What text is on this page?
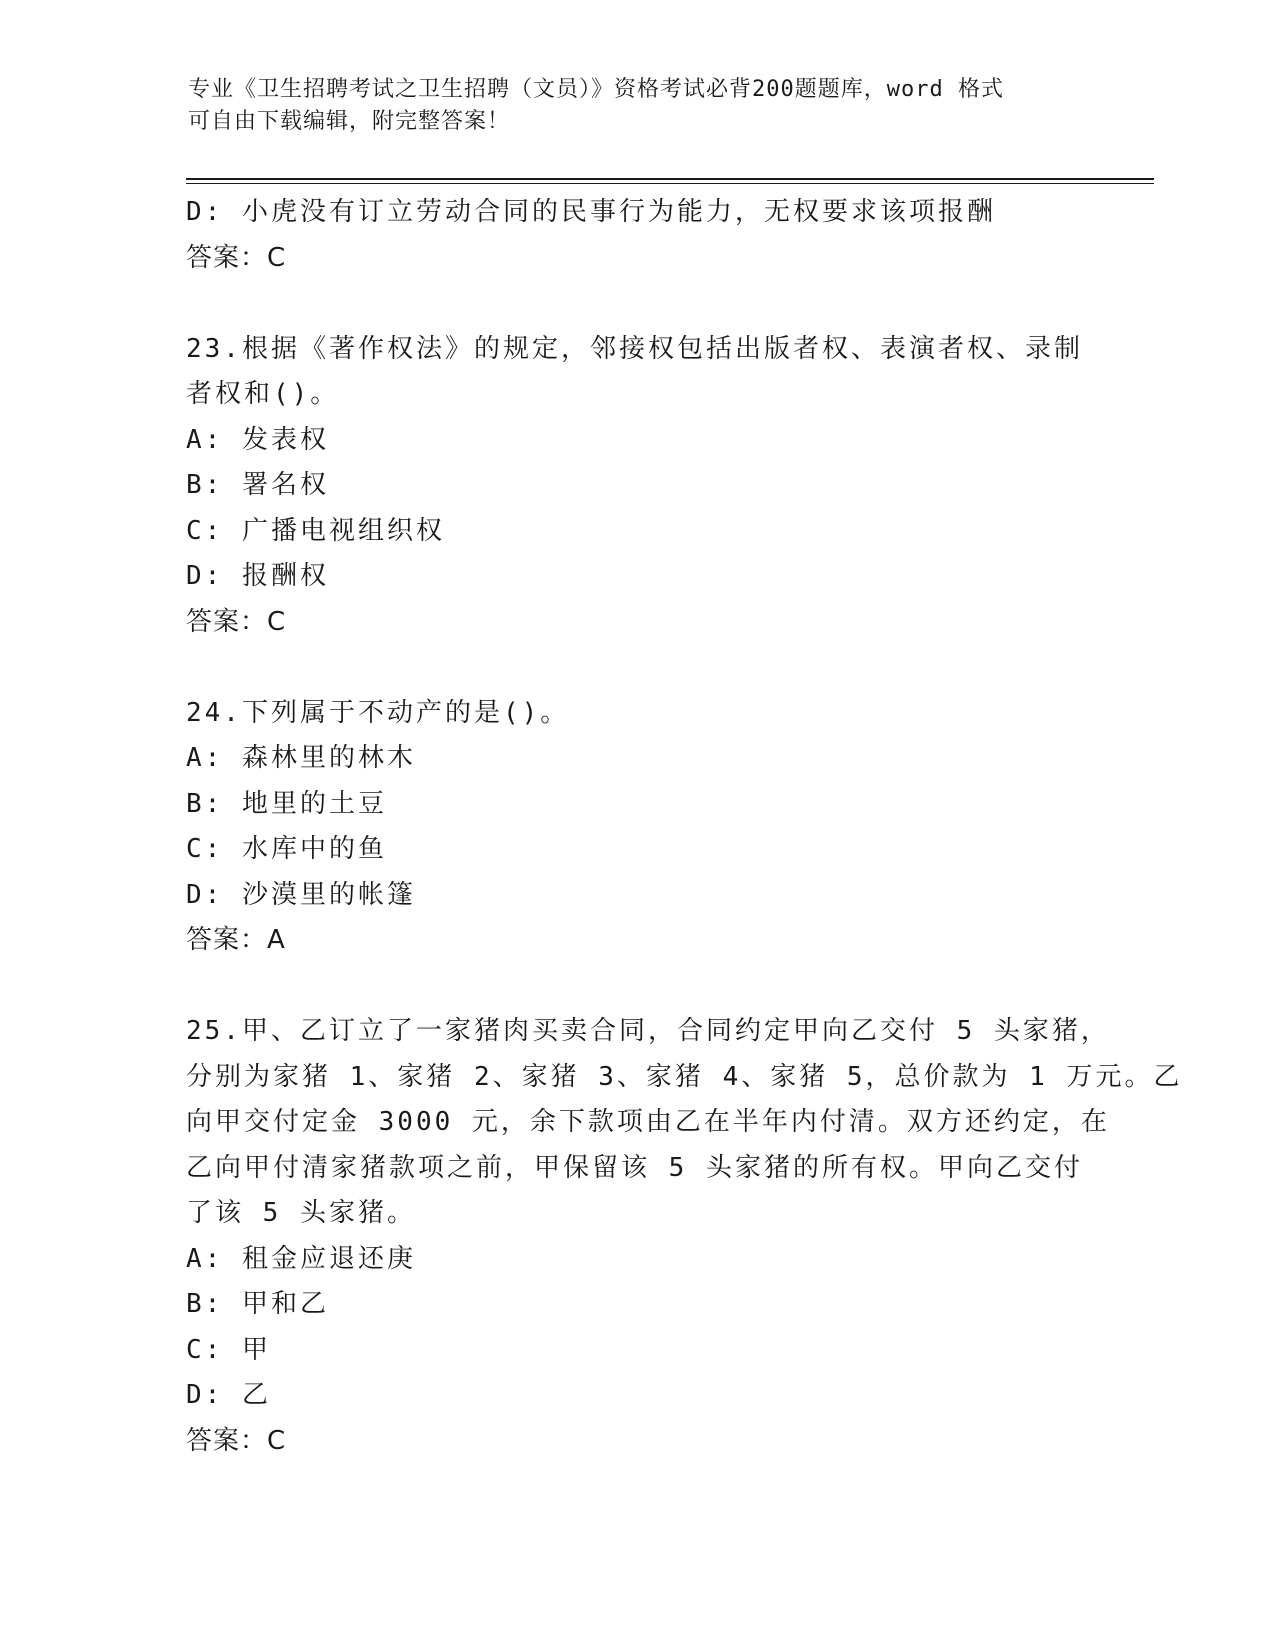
专业《卫生招聘考试之卫生招聘（文员）》资格考试必背200题题库，word 格式
可自由下载编辑，附完整答案！
D: 小虎没有订立劳动合同的民事行为能力，无权要求该项报酬
答案：C
23.根据《著作权法》的规定，邻接权包括出版者权、表演者权、录制
者权和()。
A: 发表权
B: 署名权
C: 广播电视组织权
D: 报酬权
答案：C
24.下列属于不动产的是()。
A: 森林里的林木
B: 地里的土豆
C: 水库中的鱼
D: 沙漠里的帐篷
答案：A
25.甲、乙订立了一家猪肉买卖合同，合同约定甲向乙交付 5 头家猪，
分别为家猪 1、家猪 2、家猪 3、家猪 4、家猪 5，总价款为 1 万元。乙
向甲交付定金 3000 元，余下款项由乙在半年内付清。双方还约定，在
乙向甲付清家猪款项之前，甲保留该 5 头家猪的所有权。甲向乙交付
了该 5 头家猪。
A: 租金应退还庚
B: 甲和乙
C: 甲
D: 乙
答案：C
